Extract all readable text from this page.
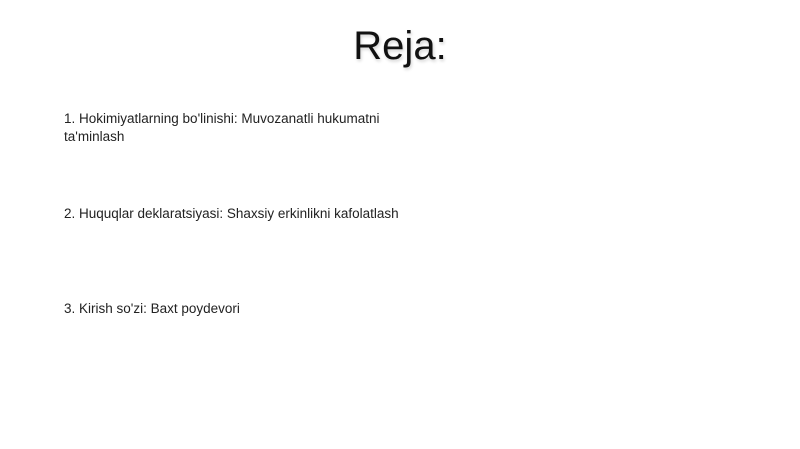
Reja:

1. Hokimiyatlarning bo'linishi: Muvozanatli hukumatni ta'minlash

2. Huquqlar deklaratsiyasi: Shaxsiy erkinlikni kafolatlash

3. Kirish so'zi: Baxt poydevori
